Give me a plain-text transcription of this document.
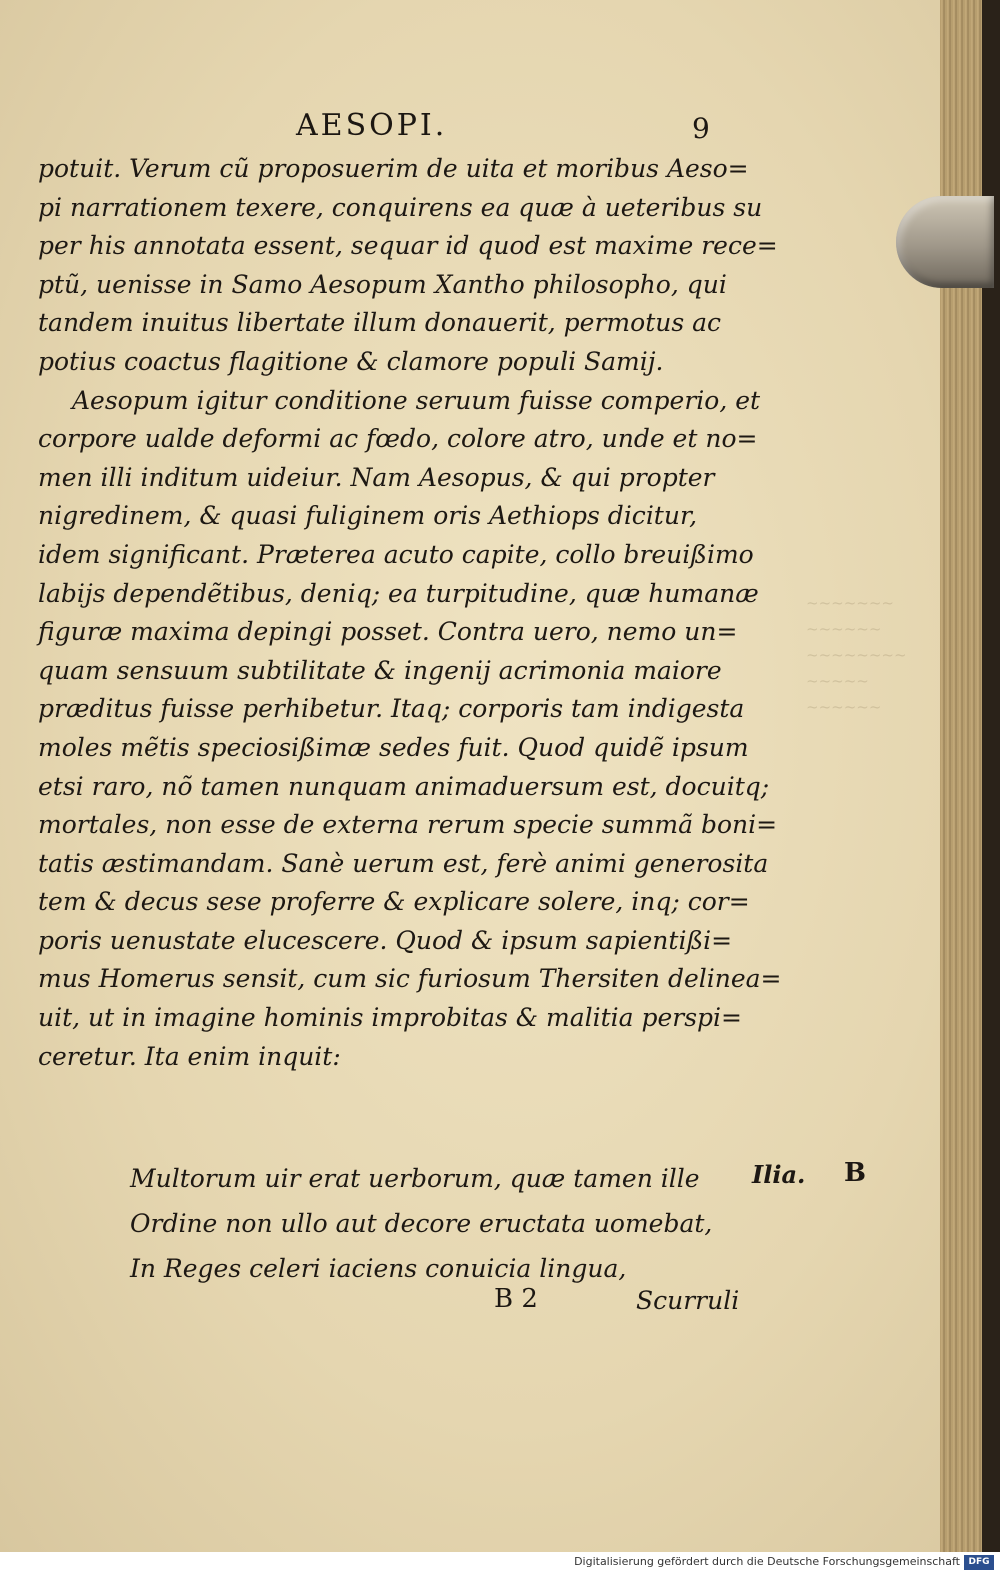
~~~~~~~
~~~~~~
~~~~~~~~
~~~~~
~~~~~~
AESOPI.	9
potuit. Verum cũ proposuerim de uita et moribus Aeso=
pi narrationem texere, conquirens ea quæ à ueteribus su
per his annotata essent, sequar id quod est maxime rece=
ptũ, uenisse in Samo Aesopum Xantho philosopho, qui
tandem inuitus libertate illum donauerit, permotus ac
potius coactus flagitione & clamore populi Samij.
Aesopum igitur conditione seruum fuisse comperio, et
corpore ualde deformi ac fœdo, colore atro, unde et no=
men illi inditum uideiur. Nam Aesopus, & qui propter
nigredinem, & quasi fuliginem oris Aethiops dicitur,
idem significant. Præterea acuto capite, collo breuißimo
labijs dependẽtibus, deniq; ea turpitudine, quæ humanæ
figuræ maxima depingi posset. Contra uero, nemo un=
quam sensuum subtilitate & ingenij acrimonia maiore
præditus fuisse perhibetur. Itaq; corporis tam indigesta
moles mẽtis speciosißimæ sedes fuit. Quod quidẽ ipsum
etsi raro, nõ tamen nunquam animaduersum est, docuitq;
mortales, non esse de externa rerum specie summã boni=
tatis æstimandam. Sanè uerum est, ferè animi generosita
tem & decus sese proferre & explicare solere, inq; cor=
poris uenustate elucescere. Quod & ipsum sapientißi=
mus Homerus sensit, cum sic furiosum Thersiten delinea=
uit, ut in imagine hominis improbitas & malitia perspi=
ceretur. Ita enim inquit:
Multorum uir erat uerborum, quæ tamen ille
Ordine non ullo aut decore eructata uomebat,
In Reges celeri iaciens conuicia lingua,
Ilia. B
B 2	Scurruli
Digitalisierung gefördert durch die Deutsche Forschungsgemeinschaft DFG
